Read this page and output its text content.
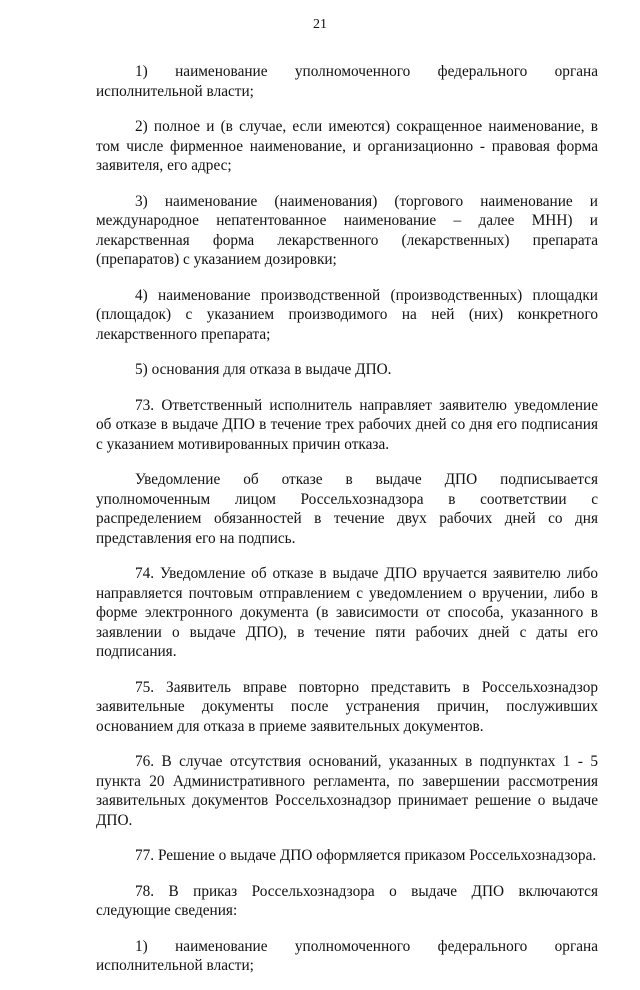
21

1) наименование уполномоченного федерального органа исполнительной власти;

2) полное и (в случае, если имеются) сокращенное наименование, в том числе фирменное наименование, и организационно - правовая форма заявителя, его адрес;

3) наименование (наименования) (торгового наименование и международное непатентованное наименование – далее МНН) и лекарственная форма лекарственного (лекарственных) препарата (препаратов) с указанием дозировки;

4) наименование производственной (производственных) площадки (площадок) с указанием производимого на ней (них) конкретного лекарственного препарата;

5) основания для отказа в выдаче ДПО.

73. Ответственный исполнитель направляет заявителю уведомление об отказе в выдаче ДПО в течение трех рабочих дней со дня его подписания с указанием мотивированных причин отказа.

Уведомление об отказе в выдаче ДПО подписывается уполномоченным лицом Россельхознадзора в соответствии с распределением обязанностей в течение двух рабочих дней со дня представления его на подпись.

74. Уведомление об отказе в выдаче ДПО вручается заявителю либо направляется почтовым отправлением с уведомлением о вручении, либо в форме электронного документа (в зависимости от способа, указанного в заявлении о выдаче ДПО), в течение пяти рабочих дней с даты его подписания.

75. Заявитель вправе повторно представить в Россельхознадзор заявительные документы после устранения причин, послуживших основанием для отказа в приеме заявительных документов.

76. В случае отсутствия оснований, указанных в подпунктах 1 - 5 пункта 20 Административного регламента, по завершении рассмотрения заявительных документов Россельхознадзор принимает решение о выдаче ДПО.

77. Решение о выдаче ДПО оформляется приказом Россельхознадзора.

78. В приказ Россельхознадзора о выдаче ДПО включаются следующие сведения:

1) наименование уполномоченного федерального органа исполнительной власти;
